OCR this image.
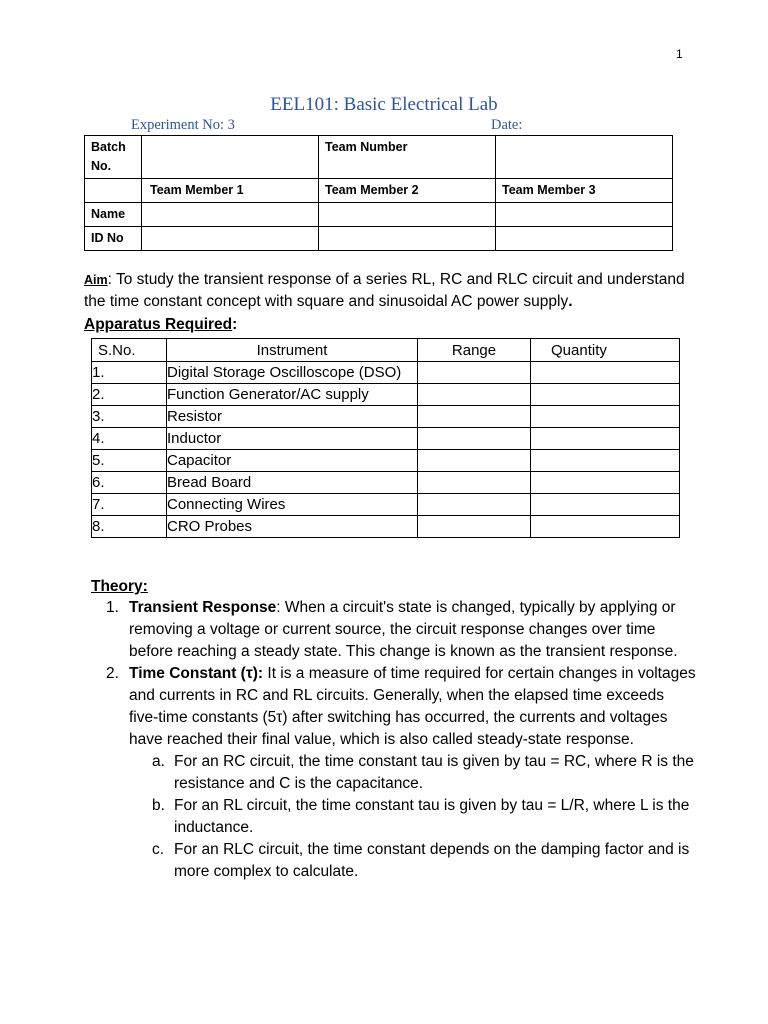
1
EEL101: Basic Electrical Lab
Experiment No: 3	Date:
Batch No.		Team Number	
	Team Member 1	Team Member 2	Team Member 3
Name			
ID No			
Aim: To study the transient response of a series RL, RC and RLC circuit and understand the time constant concept with square and sinusoidal AC power supply.
Apparatus Required:
S.No.	Instrument	Range	Quantity
1.	Digital Storage Oscilloscope (DSO)		
2.	Function Generator/AC supply		
3.	Resistor		
4.	Inductor		
5.	Capacitor		
6.	Bread Board		
7.	Connecting Wires		
8.	CRO Probes		
Theory:
1. Transient Response: When a circuit's state is changed, typically by applying or removing a voltage or current source, the circuit response changes over time before reaching a steady state. This change is known as the transient response.
2. Time Constant (τ): It is a measure of time required for certain changes in voltages and currents in RC and RL circuits. Generally, when the elapsed time exceeds five-time constants (5τ) after switching has occurred, the currents and voltages have reached their final value, which is also called steady-state response.
a. For an RC circuit, the time constant tau is given by tau = RC, where R is the resistance and C is the capacitance.
b. For an RL circuit, the time constant tau is given by tau = L/R, where L is the inductance.
c. For an RLC circuit, the time constant depends on the damping factor and is more complex to calculate.
